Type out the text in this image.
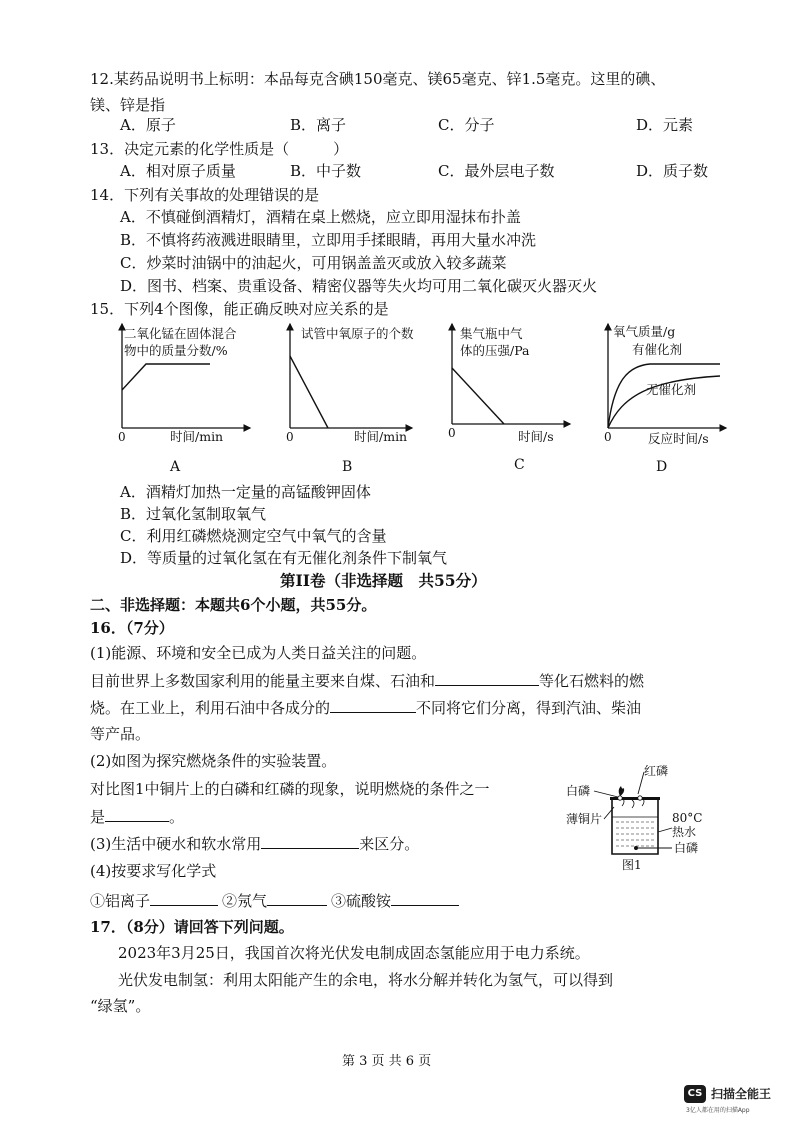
12.某药品说明书上标明：本品每克含碘150毫克、镁65毫克、锌1.5毫克。这里的碘、
镁、锌是指
A．原子	B．离子	C．分子	D．元素
13．决定元素的化学性质是（	）
A．相对原子质量	B．中子数	C．最外层电子数	D．质子数
14．下列有关事故的处理错误的是
A．不慎碰倒酒精灯，酒精在桌上燃烧，应立即用湿抹布扑盖
B．不慎将药液溅进眼睛里，立即用手揉眼睛，再用大量水冲洗
C．炒菜时油锅中的油起火，可用锅盖盖灭或放入较多蔬菜
D．图书、档案、贵重设备、精密仪器等失火均可用二氧化碳灭火器灭火
15．下列4个图像，能正确反映对应关系的是
二氧化锰在固体混合
物中的质量分数/%
0	时间/min
A
试管中氧原子的个数
0	时间/min
B
集气瓶中气
体的压强/Pa
0	时间/s
C
氧气质量/g
有催化剂
无催化剂
0	反应时间/s
D
A．酒精灯加热一定量的高锰酸钾固体
B．过氧化氢制取氧气
C．利用红磷燃烧测定空气中氧气的含量
D．等质量的过氧化氢在有无催化剂条件下制氧气
第II卷（非选择题　共55分）
二、非选择题：本题共6个小题，共55分。
16．（7分）
(1)能源、环境和安全已成为人类日益关注的问题。
目前世界上多数国家利用的能量主要来自煤、石油和	等化石燃料的燃
烧。在工业上，利用石油中各成分的	不同将它们分离，得到汽油、柴油
等产品。
(2)如图为探究燃烧条件的实验装置。
对比图1中铜片上的白磷和红磷的现象，说明燃烧的条件之一
是	。
(3)生活中硬水和软水常用	来区分。
(4)按要求写化学式
①铝离子	②氖气	③硫酸铵
红磷
白磷
薄铜片	80°C
热水
白磷
图1
17．（8分）请回答下列问题。
2023年3月25日，我国首次将光伏发电制成固态氢能应用于电力系统。
光伏发电制氢：利用太阳能产生的余电，将水分解并转化为氢气，可以得到
“绿氢”。
第 3 页 共 6 页
CS 扫描全能王
3亿人都在用的扫描App
